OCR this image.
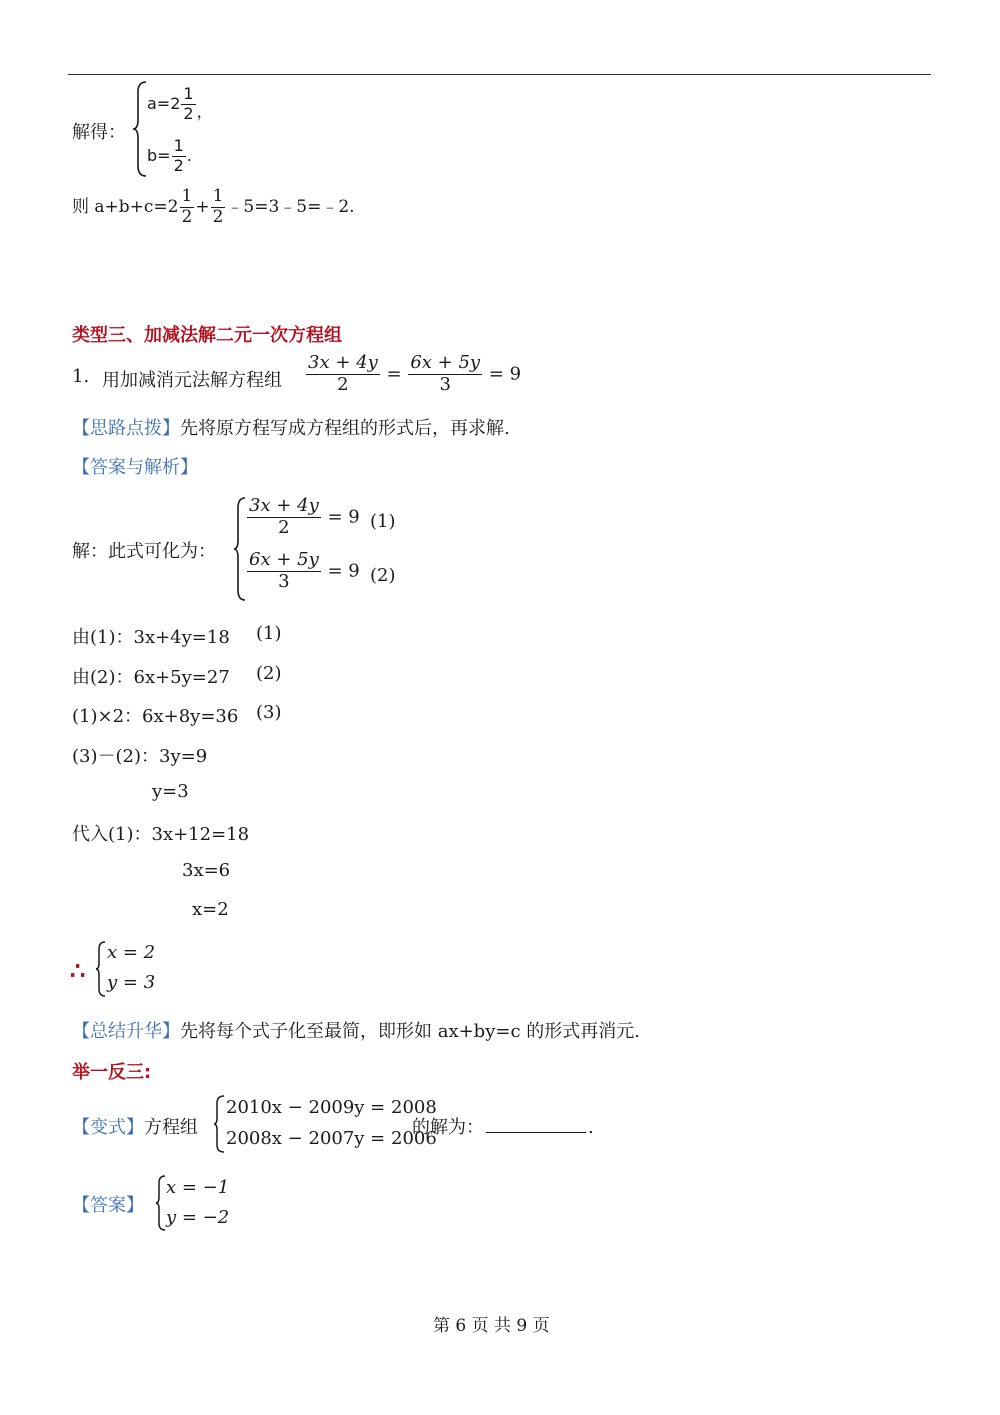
解得：
$a=2 \frac{1}{2}$ ，
$b= \frac{1}{2}$ .
则 $a+b+c=2 \frac{1}{2} + \frac{1}{2}$ ﹣5=3﹣5=﹣2.
类型三、加减法解二元一次方程组
1. 用加减消元法解方程组 $\frac{3x + 4y}{2} = \frac{6x + 5y}{3} = 9$
【思路点拨】先将原方程写成方程组的形式后，再求解.
【答案与解析】
解：此式可化为：
$\frac{3x + 4y}{2} = 9$ (1)
$\frac{6x + 5y}{3} = 9$ (2)
由(1)：3x+4y=18 (1)
由(2)：6x+5y=27 (2)
(1)×2：6x+8y=36 (3)
(3)－(2)：3y=9
y=3
代入(1)：3x+12=18
3x=6
x=2
∴
x = 2
y = 3
【总结升华】先将每个式子化至最简，即形如 ax+by=c 的形式再消元.
举一反三:
【变式】方程组
2010x − 2009y = 2008
2008x − 2007y = 2006
的解为：	.
【答案】
x = −1
y = −2
第 6 页 共 9 页
